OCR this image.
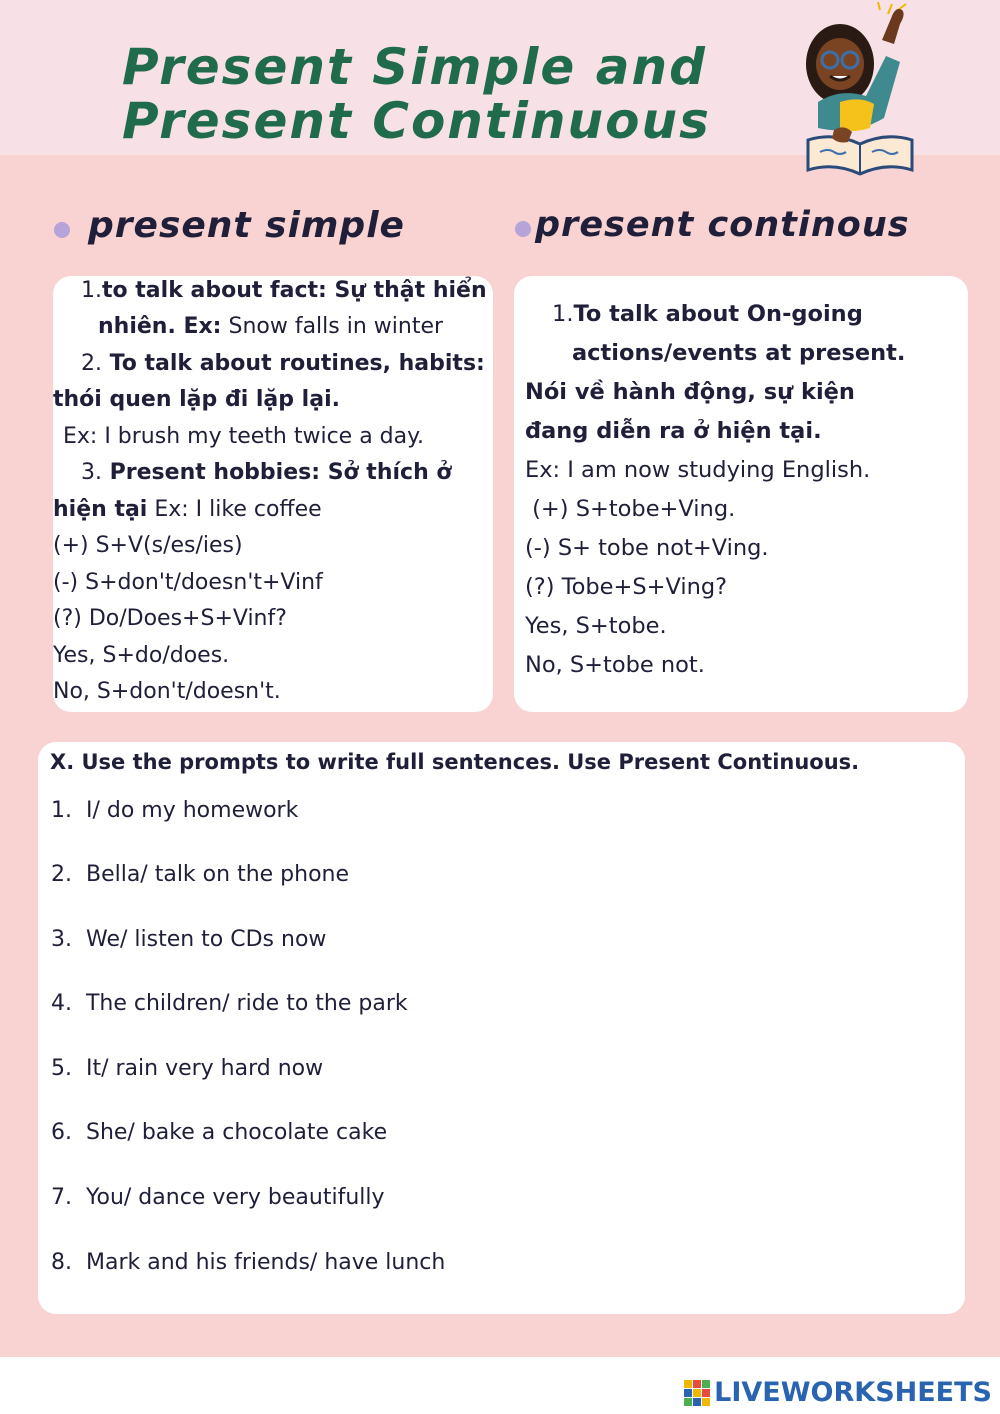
Present Simple and
Present Continuous
present simple	present continous
1.to talk about fact: Sự thật hiển
nhiên. Ex: Snow falls in winter
2. To talk about routines, habits:
thói quen lặp đi lặp lại.
Ex: I brush my teeth twice a day.
3. Present hobbies: Sở thích ở
hiện tại Ex: I like coffee
(+) S+V(s/es/ies)
(-) S+don't/doesn't+Vinf
(?) Do/Does+S+Vinf?
Yes, S+do/does.
No, S+don't/doesn't.
1.To talk about On-going
actions/events at present.
Nói về hành động, sự kiện
đang diễn ra ở hiện tại.
Ex: I am now studying English.
(+) S+tobe+Ving.
(-) S+ tobe not+Ving.
(?) Tobe+S+Ving?
Yes, S+tobe.
No, S+tobe not.
X. Use the prompts to write full sentences. Use Present Continuous.
1.  I/ do my homework
2.  Bella/ talk on the phone
3.  We/ listen to CDs now
4.  The children/ ride to the park
5.  It/ rain very hard now
6.  She/ bake a chocolate cake
7.  You/ dance very beautifully
8.  Mark and his friends/ have lunch
LIVEWORKSHEETS
